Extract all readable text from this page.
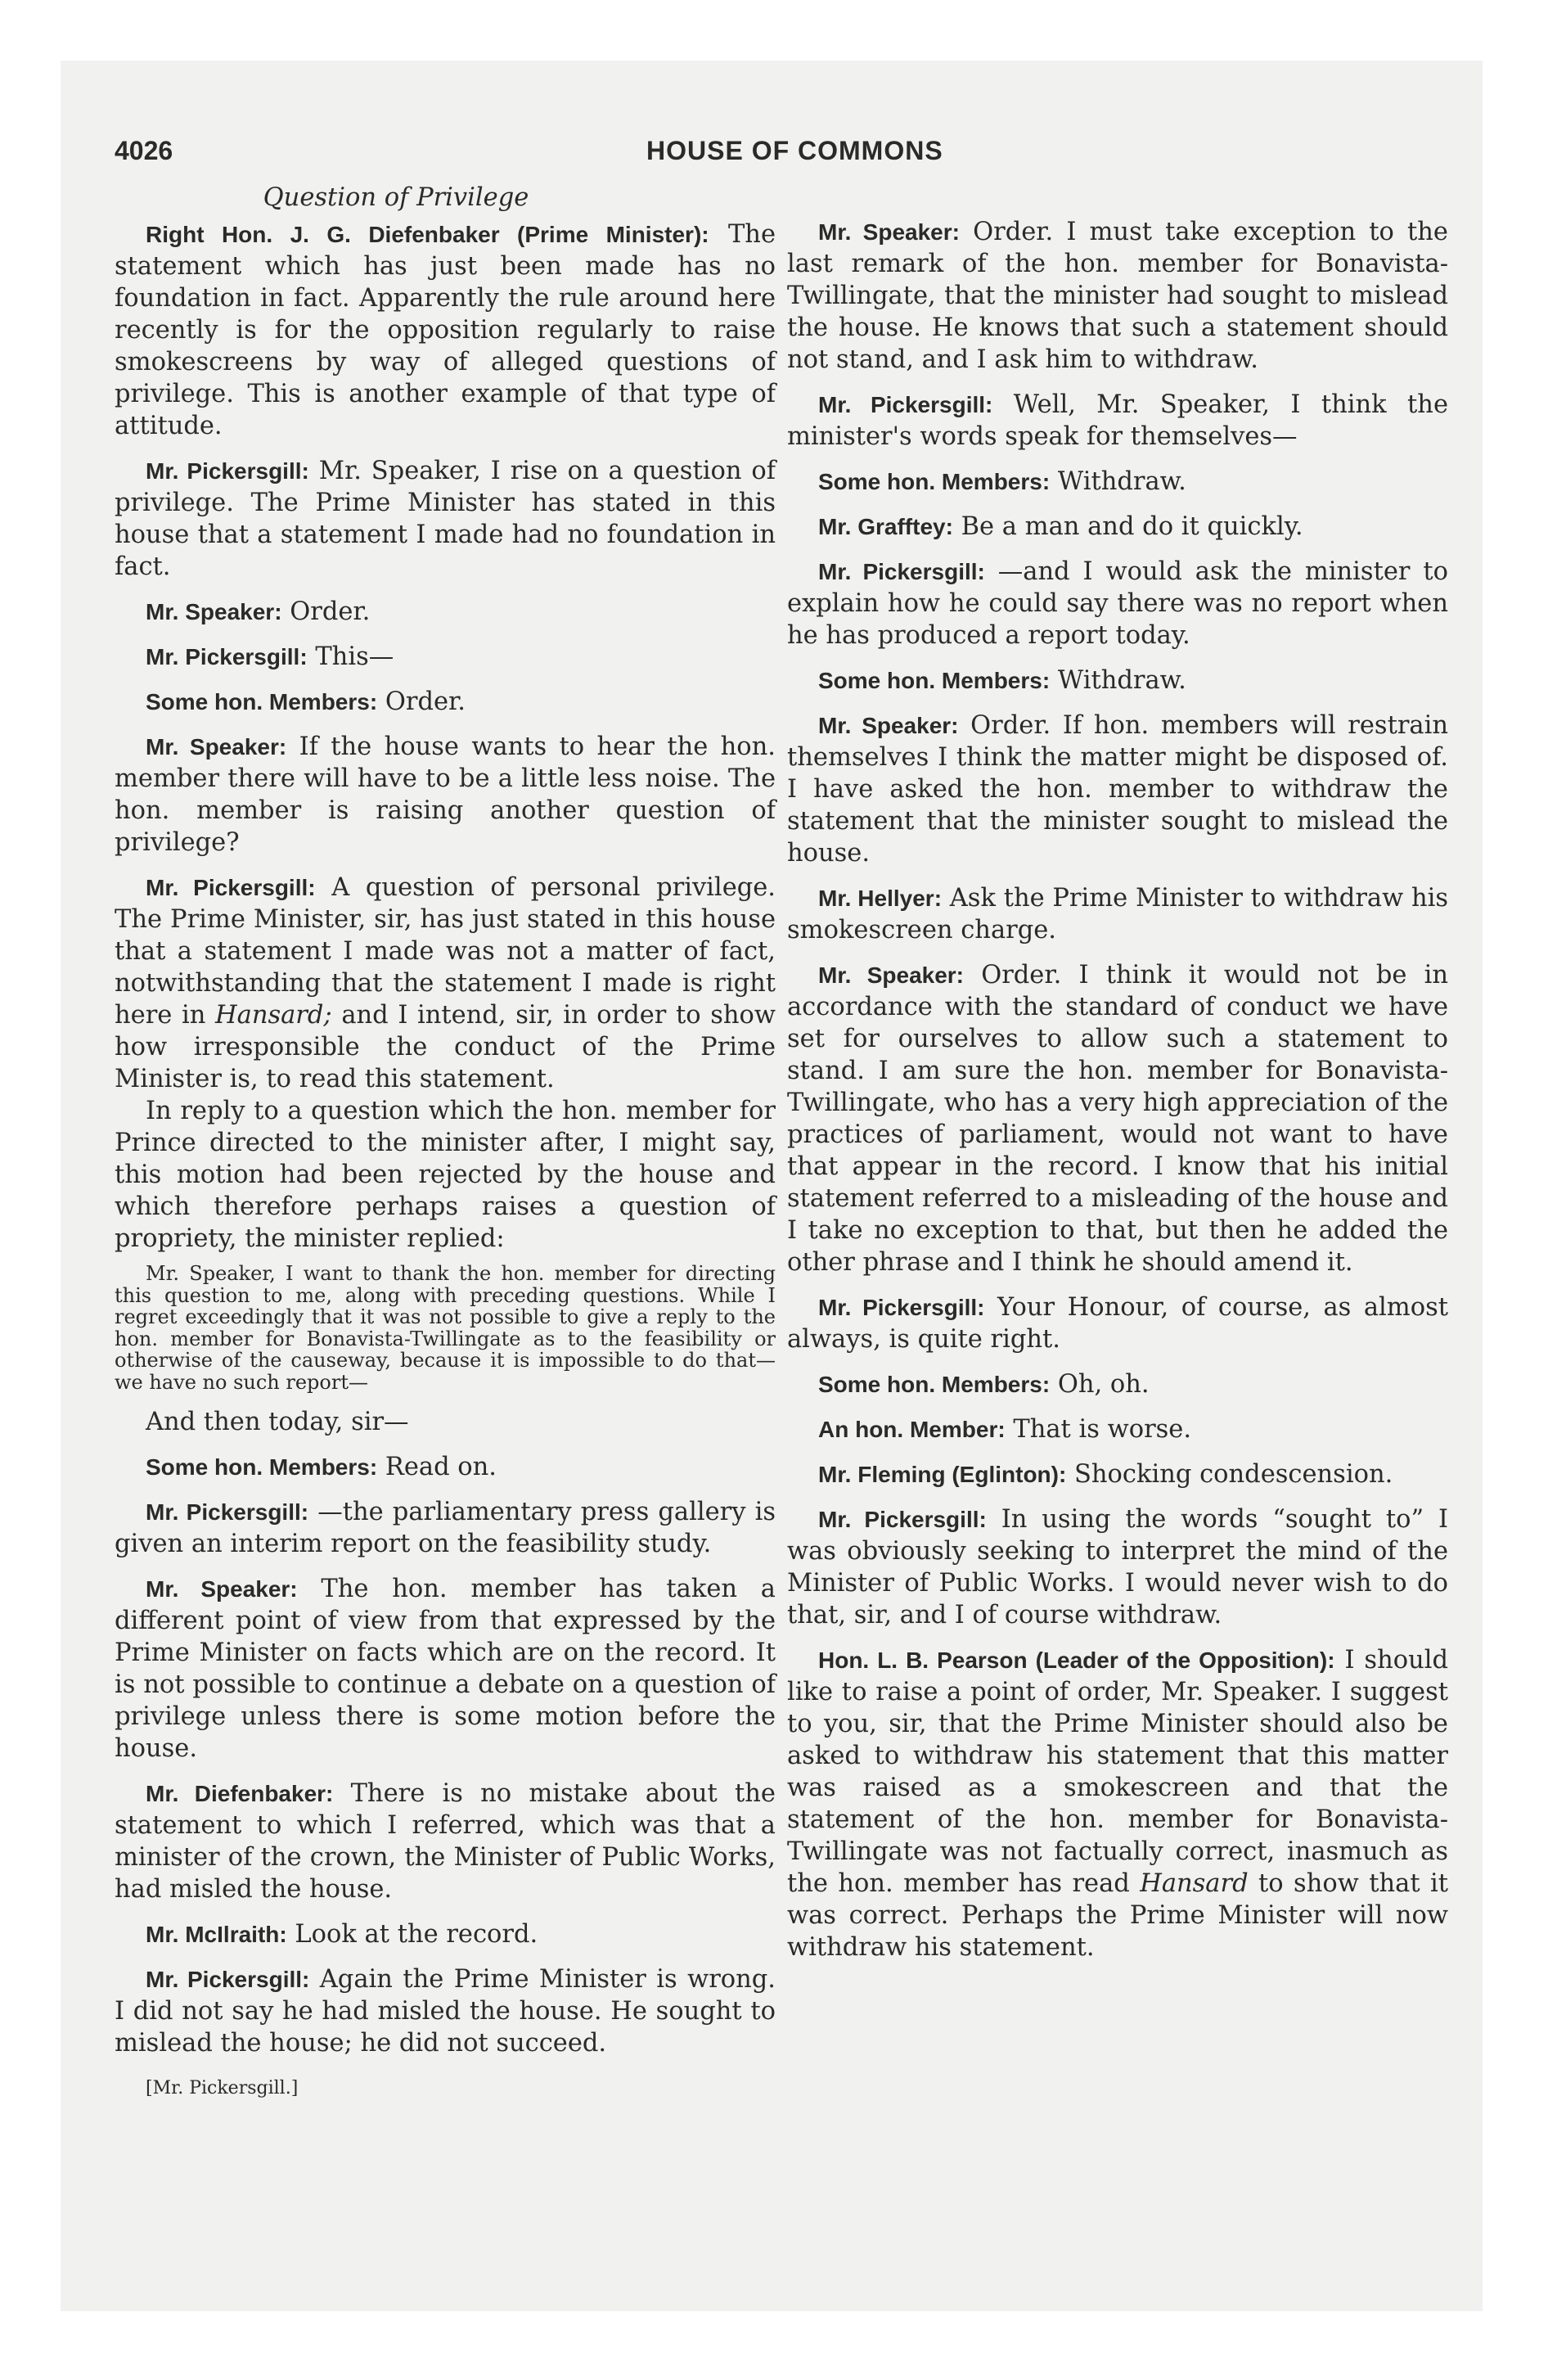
4026	HOUSE OF COMMONS
Question of Privilege

Right Hon. J. G. Diefenbaker (Prime Minister): The statement which has just been made has no foundation in fact. Apparently the rule around here recently is for the opposition regularly to raise smokescreens by way of alleged questions of privilege. This is another example of that type of attitude.

Mr. Pickersgill: Mr. Speaker, I rise on a question of privilege. The Prime Minister has stated in this house that a statement I made had no foundation in fact.

Mr. Speaker: Order.

Mr. Pickersgill: This—

Some hon. Members: Order.

Mr. Speaker: If the house wants to hear the hon. member there will have to be a little less noise. The hon. member is raising another question of privilege?

Mr. Pickersgill: A question of personal privilege. The Prime Minister, sir, has just stated in this house that a statement I made was not a matter of fact, notwithstanding that the statement I made is right here in Hansard; and I intend, sir, in order to show how irresponsible the conduct of the Prime Minister is, to read this statement.

In reply to a question which the hon. member for Prince directed to the minister after, I might say, this motion had been rejected by the house and which therefore perhaps raises a question of propriety, the minister replied:

Mr. Speaker, I want to thank the hon. member for directing this question to me, along with preceding questions. While I regret exceedingly that it was not possible to give a reply to the hon. member for Bonavista-Twillingate as to the feasibility or otherwise of the causeway, because it is impossible to do that—we have no such report—

And then today, sir—

Some hon. Members: Read on.

Mr. Pickersgill: —the parliamentary press gallery is given an interim report on the feasibility study.

Mr. Speaker: The hon. member has taken a different point of view from that expressed by the Prime Minister on facts which are on the record. It is not possible to continue a debate on a question of privilege unless there is some motion before the house.

Mr. Diefenbaker: There is no mistake about the statement to which I referred, which was that a minister of the crown, the Minister of Public Works, had misled the house.

Mr. McIlraith: Look at the record.

Mr. Pickersgill: Again the Prime Minister is wrong. I did not say he had misled the house. He sought to mislead the house; he did not succeed.

[Mr. Pickersgill.]

Mr. Speaker: Order. I must take exception to the last remark of the hon. member for Bonavista-Twillingate, that the minister had sought to mislead the house. He knows that such a statement should not stand, and I ask him to withdraw.

Mr. Pickersgill: Well, Mr. Speaker, I think the minister's words speak for themselves—

Some hon. Members: Withdraw.

Mr. Grafftey: Be a man and do it quickly.

Mr. Pickersgill: —and I would ask the minister to explain how he could say there was no report when he has produced a report today.

Some hon. Members: Withdraw.

Mr. Speaker: Order. If hon. members will restrain themselves I think the matter might be disposed of. I have asked the hon. member to withdraw the statement that the minister sought to mislead the house.

Mr. Hellyer: Ask the Prime Minister to withdraw his smokescreen charge.

Mr. Speaker: Order. I think it would not be in accordance with the standard of conduct we have set for ourselves to allow such a statement to stand. I am sure the hon. member for Bonavista-Twillingate, who has a very high appreciation of the practices of parliament, would not want to have that appear in the record. I know that his initial statement referred to a misleading of the house and I take no exception to that, but then he added the other phrase and I think he should amend it.

Mr. Pickersgill: Your Honour, of course, as almost always, is quite right.

Some hon. Members: Oh, oh.

An hon. Member: That is worse.

Mr. Fleming (Eglinton): Shocking condescension.

Mr. Pickersgill: In using the words “sought to” I was obviously seeking to interpret the mind of the Minister of Public Works. I would never wish to do that, sir, and I of course withdraw.

Hon. L. B. Pearson (Leader of the Opposition): I should like to raise a point of order, Mr. Speaker. I suggest to you, sir, that the Prime Minister should also be asked to withdraw his statement that this matter was raised as a smokescreen and that the statement of the hon. member for Bonavista-Twillingate was not factually correct, inasmuch as the hon. member has read Hansard to show that it was correct. Perhaps the Prime Minister will now withdraw his statement.
